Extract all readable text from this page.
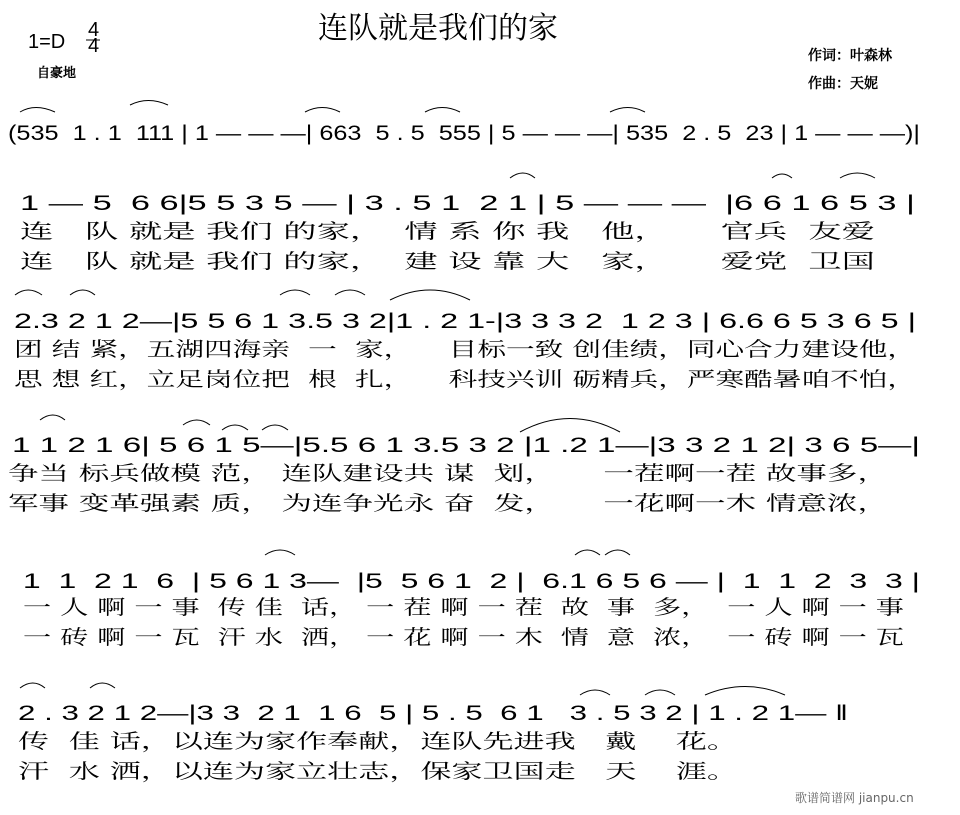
连队就是我们的家
1=D
4
4
自豪地
作词：叶森林
作曲：天妮
(535  1 . 1  111 | 1 — — —| 663  5 . 5  555 | 5 — — —| 535  2 . 5  23 | 1 — — —)|
1 — 5  6 6|5 5 3 5 — | 3 . 5 1  2 1 | 5 — — —  |6 6 1 6 5 3 |
连   队 就是 我们 的家，  情 系 你 我   他，     官兵  友爱
连   队 就是 我们 的家，  建 设 靠 大   家，     爱党  卫国
2.3 2 1 2—|5 5 6 1 3.5 3 2|1 . 2 1-|3 3 3 2  1 2 3 | 6.6 6 5 3 6 5 |
团 结 紧，五湖四海亲  一  家，    目标一致 创佳绩，同心合力建设他，
思 想 红，立足岗位把  根  扎，    科技兴训 砺精兵，严寒酷暑咱不怕，
1 1 2 1 6| 5 6 1 5—|5.5 6 1 3.5 3 2 |1 .2 1—|3 3 2 1 2| 3 6 5—|
争当 标兵做模 范， 连队建设共 谋  划，     一茬啊一茬 故事多，
军事 变革强素 质， 为连争光永 奋  发，     一花啊一木 情意浓，
1  1  2 1  6  | 5 6 1 3—  |5  5 6 1  2 |  6.1 6 5 6 — |  1  1  2  3  3 |
一 人 啊 一 事  传 佳  话， 一 茬 啊 一 茬  故  事  多，  一 人 啊 一 事
一 砖 啊 一 瓦  汗 水  洒， 一 花 啊 一 木  情  意  浓，  一 砖 啊 一 瓦
2 . 3 2 1 2—|3 3  2 1  1 6  5 | 5 . 5  6 1   3 . 5 3 2 | 1 . 2 1— ‖
传  佳 话，以连为家作奉献，连队先进我   戴    花。
汗  水 洒，以连为家立壮志，保家卫国走   天    涯。
歌谱简谱网 jianpu.cn
